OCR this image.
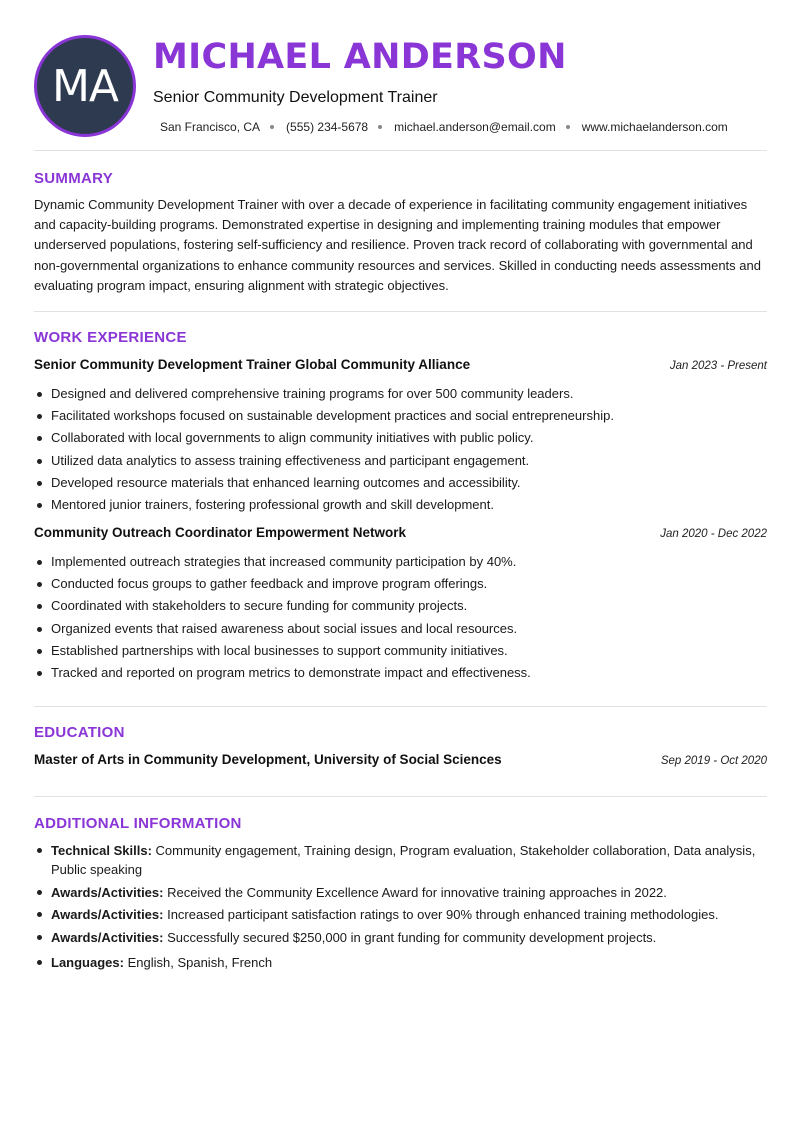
MA
MICHAEL ANDERSON
Senior Community Development Trainer
San Francisco, CA (555) 234-5678 michael.anderson@email.com www.michaelanderson.com
SUMMARY

Dynamic Community Development Trainer with over a decade of experience in facilitating community engagement initiatives and capacity-building programs. Demonstrated expertise in designing and implementing training modules that empower underserved populations, fostering self-sufficiency and resilience. Proven track record of collaborating with governmental and non-governmental organizations to enhance community resources and services. Skilled in conducting needs assessments and evaluating program impact, ensuring alignment with strategic objectives.

WORK EXPERIENCE
Senior Community Development Trainer Global Community Alliance	Jan 2023 - Present
Designed and delivered comprehensive training programs for over 500 community leaders.
Facilitated workshops focused on sustainable development practices and social entrepreneurship.
Collaborated with local governments to align community initiatives with public policy.
Utilized data analytics to assess training effectiveness and participant engagement.
Developed resource materials that enhanced learning outcomes and accessibility.
Mentored junior trainers, fostering professional growth and skill development.
Community Outreach Coordinator Empowerment Network	Jan 2020 - Dec 2022
Implemented outreach strategies that increased community participation by 40%.
Conducted focus groups to gather feedback and improve program offerings.
Coordinated with stakeholders to secure funding for community projects.
Organized events that raised awareness about social issues and local resources.
Established partnerships with local businesses to support community initiatives.
Tracked and reported on program metrics to demonstrate impact and effectiveness.
EDUCATION
Master of Arts in Community Development, University of Social Sciences	Sep 2019 - Oct 2020
ADDITIONAL INFORMATION
Technical Skills: Community engagement, Training design, Program evaluation, Stakeholder collaboration, Data analysis, Public speaking
Awards/Activities: Received the Community Excellence Award for innovative training approaches in 2022.
Awards/Activities: Increased participant satisfaction ratings to over 90% through enhanced training methodologies.
Awards/Activities: Successfully secured $250,000 in grant funding for community development projects.
Languages: English, Spanish, French
